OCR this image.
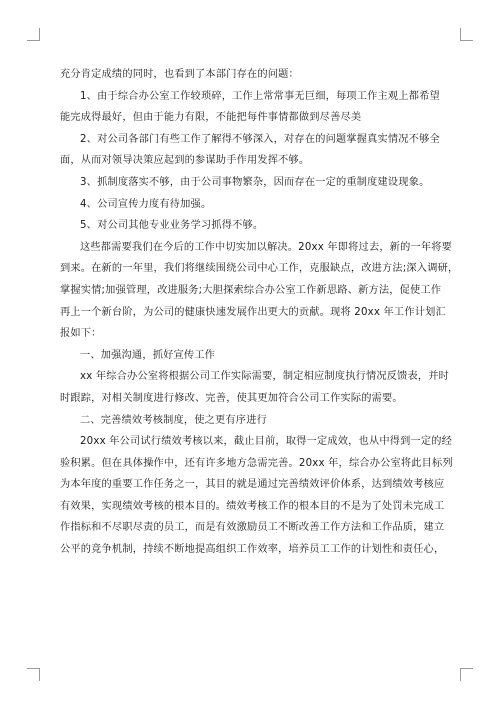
充分肯定成绩的同时，也看到了本部门存在的问题：

1、由于综合办公室工作较琐碎，工作上常常事无巨细，每项工作主观上都希望

能完成得最好，但由于能力有限，不能把每件事情都做到尽善尽美

2、对公司各部门有些工作了解得不够深入，对存在的问题掌握真实情况不够全

面，从而对领导决策应起到的参谋助手作用发挥不够。

3、抓制度落实不够，由于公司事物繁杂，因而存在一定的重制度建设现象。

4、公司宣传力度有待加强。

5、对公司其他专业业务学习抓得不够。

这些都需要我们在今后的工作中切实加以解决。20xx 年即将过去，新的一年将要

到来。在新的一年里，我们将继续围绕公司中心工作，克服缺点，改进方法;深入调研，

掌握实情;加强管理，改进服务;大胆探索综合办公室工作新思路、新方法，促使工作

再上一个新台阶，为公司的健康快速发展作出更大的贡献。现将 20xx 年工作计划汇

报如下：

一、加强沟通，抓好宣传工作

xx 年综合办公室将根据公司工作实际需要，制定相应制度执行情况反馈表，并时

时跟踪，对相关制度进行修改、完善，使其更加符合公司工作实际的需要。

二、完善绩效考核制度，使之更有序进行

20xx 年公司试行绩效考核以来，截止目前，取得一定成效，也从中得到一定的经

验积累。但在具体操作中，还有许多地方急需完善。20xx 年，综合办公室将此目标列

为本年度的重要工作任务之一，其目的就是通过完善绩效评价体系，达到绩效考核应

有效果，实现绩效考核的根本目的。绩效考核工作的根本目的不是为了处罚未完成工

作指标和不尽职尽责的员工，而是有效激励员工不断改善工作方法和工作品质，建立

公平的竞争机制，持续不断地提高组织工作效率，培养员工工作的计划性和责任心，
